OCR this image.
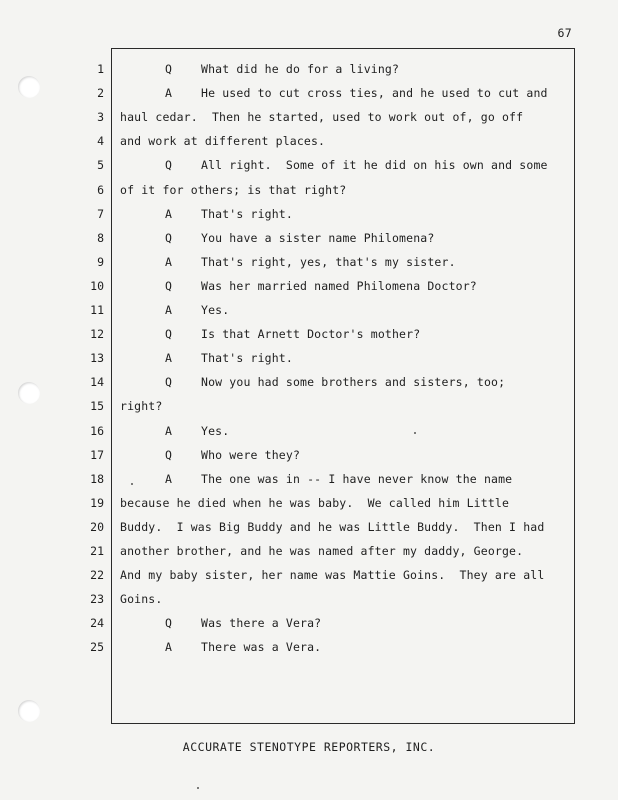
67
1	Q	What did he do for a living?
2	A	He used to cut cross ties, and he used to cut and
3 haul cedar.  Then he started, used to work out of, go off
4 and work at different places.
5	Q	All right.  Some of it he did on his own and some
6 of it for others; is that right?
7	A	That's right.
8	Q	You have a sister name Philomena?
9	A	That's right, yes, that's my sister.
10	Q	Was her married named Philomena Doctor?
11	A	Yes.
12	Q	Is that Arnett Doctor's mother?
13	A	That's right.
14	Q	Now you had some brothers and sisters, too;
15 right?
16	A	Yes.
17	Q	Who were they?
18	A	The one was in -- I have never know the name
19 because he died when he was baby.  We called him Little
20 Buddy.  I was Big Buddy and he was Little Buddy.  Then I had
21 another brother, and he was named after my daddy, George.
22 And my baby sister, her name was Mattie Goins.  They are all
23 Goins.
24	Q	Was there a Vera?
25	A	There was a Vera.
ACCURATE STENOTYPE REPORTERS, INC.
